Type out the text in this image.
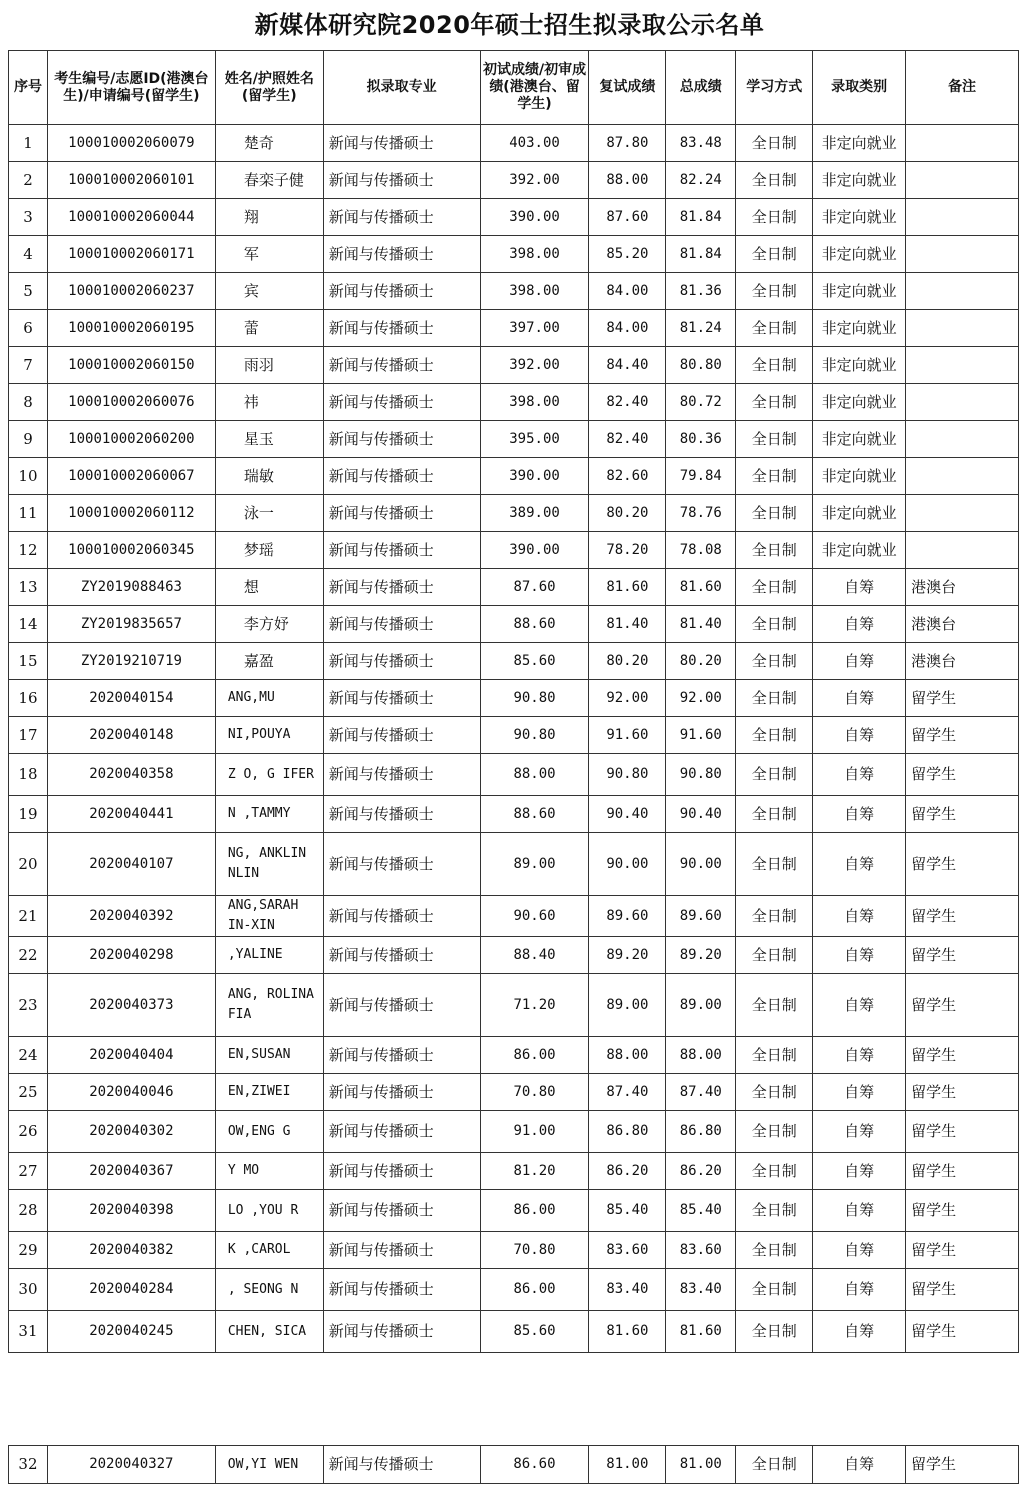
新媒体研究院2020年硕士招生拟录取公示名单
序号	考生编号/志愿ID(港澳台生)/申请编号(留学生)	姓名/护照姓名(留学生)	拟录取专业	初试成绩/初审成绩(港澳台、留学生)	复试成绩	总成绩	学习方式	录取类别	备注
1	100010002060079	楚奇	新闻与传播硕士	403.00	87.80	83.48	全日制	非定向就业	
2	100010002060101	春栾子健	新闻与传播硕士	392.00	88.00	82.24	全日制	非定向就业	
3	100010002060044	翔	新闻与传播硕士	390.00	87.60	81.84	全日制	非定向就业	
4	100010002060171	军	新闻与传播硕士	398.00	85.20	81.84	全日制	非定向就业	
5	100010002060237	宾	新闻与传播硕士	398.00	84.00	81.36	全日制	非定向就业	
6	100010002060195	蕾	新闻与传播硕士	397.00	84.00	81.24	全日制	非定向就业	
7	100010002060150	雨羽	新闻与传播硕士	392.00	84.40	80.80	全日制	非定向就业	
8	100010002060076	祎	新闻与传播硕士	398.00	82.40	80.72	全日制	非定向就业	
9	100010002060200	星玉	新闻与传播硕士	395.00	82.40	80.36	全日制	非定向就业	
10	100010002060067	瑞敏	新闻与传播硕士	390.00	82.60	79.84	全日制	非定向就业	
11	100010002060112	泳一	新闻与传播硕士	389.00	80.20	78.76	全日制	非定向就业	
12	100010002060345	梦瑶	新闻与传播硕士	390.00	78.20	78.08	全日制	非定向就业	
13	ZY2019088463	想	新闻与传播硕士	87.60	81.60	81.60	全日制	自筹	港澳台
14	ZY2019835657	李方妤	新闻与传播硕士	88.60	81.40	81.40	全日制	自筹	港澳台
15	ZY2019210719	嘉盈	新闻与传播硕士	85.60	80.20	80.20	全日制	自筹	港澳台
16	2020040154	ANG,MU	新闻与传播硕士	90.80	92.00	92.00	全日制	自筹	留学生
17	2020040148	NI,POUYA	新闻与传播硕士	90.80	91.60	91.60	全日制	自筹	留学生
18	2020040358	Z O, G IFER	新闻与传播硕士	88.00	90.80	90.80	全日制	自筹	留学生
19	2020040441	N ,TAMMY	新闻与传播硕士	88.60	90.40	90.40	全日制	自筹	留学生
20	2020040107	NG, ANKLIN NLIN	新闻与传播硕士	89.00	90.00	90.00	全日制	自筹	留学生
21	2020040392	ANG,SARAH IN-XIN	新闻与传播硕士	90.60	89.60	89.60	全日制	自筹	留学生
22	2020040298	,YALINE	新闻与传播硕士	88.40	89.20	89.20	全日制	自筹	留学生
23	2020040373	ANG, ROLINA FIA	新闻与传播硕士	71.20	89.00	89.00	全日制	自筹	留学生
24	2020040404	EN,SUSAN	新闻与传播硕士	86.00	88.00	88.00	全日制	自筹	留学生
25	2020040046	EN,ZIWEI	新闻与传播硕士	70.80	87.40	87.40	全日制	自筹	留学生
26	2020040302	OW,ENG G	新闻与传播硕士	91.00	86.80	86.80	全日制	自筹	留学生
27	2020040367	Y MO	新闻与传播硕士	81.20	86.20	86.20	全日制	自筹	留学生
28	2020040398	LO ,YOU R	新闻与传播硕士	86.00	85.40	85.40	全日制	自筹	留学生
29	2020040382	K ,CAROL	新闻与传播硕士	70.80	83.60	83.60	全日制	自筹	留学生
30	2020040284	, SEONG N	新闻与传播硕士	86.00	83.40	83.40	全日制	自筹	留学生
31	2020040245	CHEN, SICA	新闻与传播硕士	85.60	81.60	81.60	全日制	自筹	留学生
32	2020040327	OW,YI WEN	新闻与传播硕士	86.60	81.00	81.00	全日制	自筹	留学生
